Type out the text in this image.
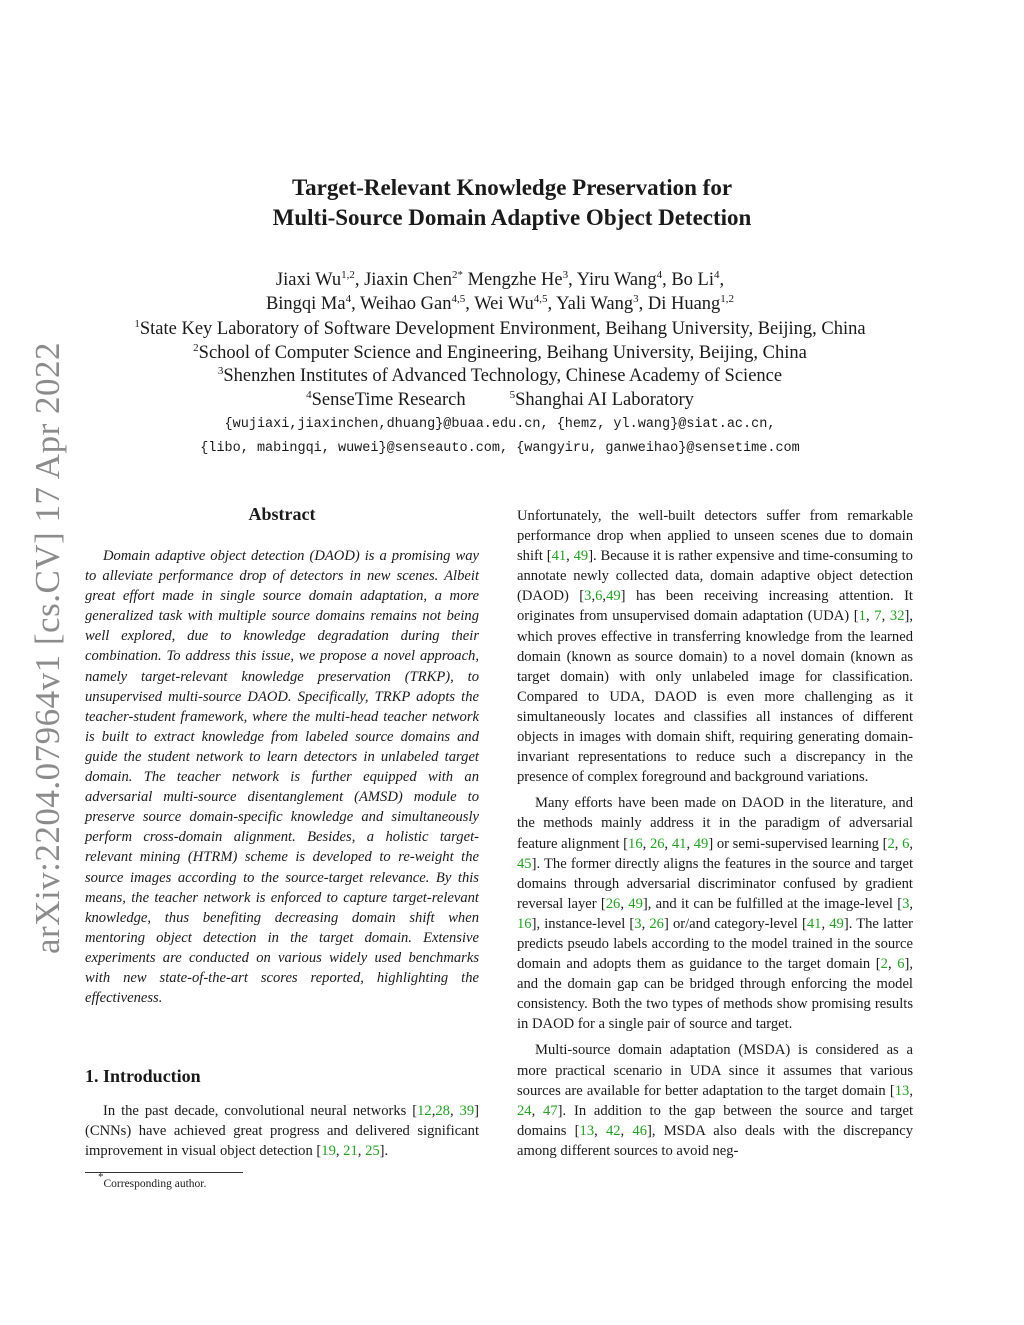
arXiv:2204.07964v1 [cs.CV] 17 Apr 2022
Target-Relevant Knowledge Preservation for
Multi-Source Domain Adaptive Object Detection
Jiaxi Wu$^{1,2}$, Jiaxin Chen$^{2*}$ Mengzhe He$^3$, Yiru Wang$^4$, Bo Li$^4$,
Bingqi Ma$^4$, Weihao Gan$^{4,5}$, Wei Wu$^{4,5}$, Yali Wang$^3$, Di Huang$^{1,2}$
$^1$State Key Laboratory of Software Development Environment, Beihang University, Beijing, China
$^2$School of Computer Science and Engineering, Beihang University, Beijing, China
$^3$Shenzhen Institutes of Advanced Technology, Chinese Academy of Science
$^4$SenseTime Research	$^5$Shanghai AI Laboratory
{wujiaxi,jiaxinchen,dhuang}@buaa.edu.cn, {hemz, yl.wang}@siat.ac.cn,
{libo, mabingqi, wuwei}@senseauto.com, {wangyiru, ganweihao}@sensetime.com
Abstract

Domain adaptive object detection (DAOD) is a promising way to alleviate performance drop of detectors in new scenes. Albeit great effort made in single source domain adaptation, a more generalized task with multiple source domains remains not being well explored, due to knowledge degradation during their combination. To address this issue, we propose a novel approach, namely target-relevant knowledge preservation (TRKP), to unsupervised multi-source DAOD. Specifically, TRKP adopts the teacher-student framework, where the multi-head teacher network is built to extract knowledge from labeled source domains and guide the student network to learn detectors in unlabeled target domain. The teacher network is further equipped with an adversarial multi-source disentanglement (AMSD) module to preserve source domain-specific knowledge and simultaneously perform cross-domain alignment. Besides, a holistic target-relevant mining (HTRM) scheme is developed to re-weight the source images according to the source-target relevance. By this means, the teacher network is enforced to capture target-relevant knowledge, thus benefiting decreasing domain shift when mentoring object detection in the target domain. Extensive experiments are conducted on various widely used benchmarks with new state-of-the-art scores reported, highlighting the effectiveness.

1. Introduction

In the past decade, convolutional neural networks [12,28, 39] (CNNs) have achieved great progress and delivered significant improvement in visual object detection [19, 21, 25].

*Corresponding author.

Unfortunately, the well-built detectors suffer from remarkable performance drop when applied to unseen scenes due to domain shift [41, 49]. Because it is rather expensive and time-consuming to annotate newly collected data, domain adaptive object detection (DAOD) [3,6,49] has been receiving increasing attention. It originates from unsupervised domain adaptation (UDA) [1, 7, 32], which proves effective in transferring knowledge from the learned domain (known as source domain) to a novel domain (known as target domain) with only unlabeled image for classification. Compared to UDA, DAOD is even more challenging as it simultaneously locates and classifies all instances of different objects in images with domain shift, requiring generating domain-invariant representations to reduce such a discrepancy in the presence of complex foreground and background variations.

Many efforts have been made on DAOD in the literature, and the methods mainly address it in the paradigm of adversarial feature alignment [16, 26, 41, 49] or semi-supervised learning [2, 6, 45]. The former directly aligns the features in the source and target domains through adversarial discriminator confused by gradient reversal layer [26, 49], and it can be fulfilled at the image-level [3, 16], instance-level [3, 26] or/and category-level [41, 49]. The latter predicts pseudo labels according to the model trained in the source domain and adopts them as guidance to the target domain [2, 6], and the domain gap can be bridged through enforcing the model consistency. Both the two types of methods show promising results in DAOD for a single pair of source and target.

Multi-source domain adaptation (MSDA) is considered as a more practical scenario in UDA since it assumes that various sources are available for better adaptation to the target domain [13, 24, 47]. In addition to the gap between the source and target domains [13, 42, 46], MSDA also deals with the discrepancy among different sources to avoid neg-
